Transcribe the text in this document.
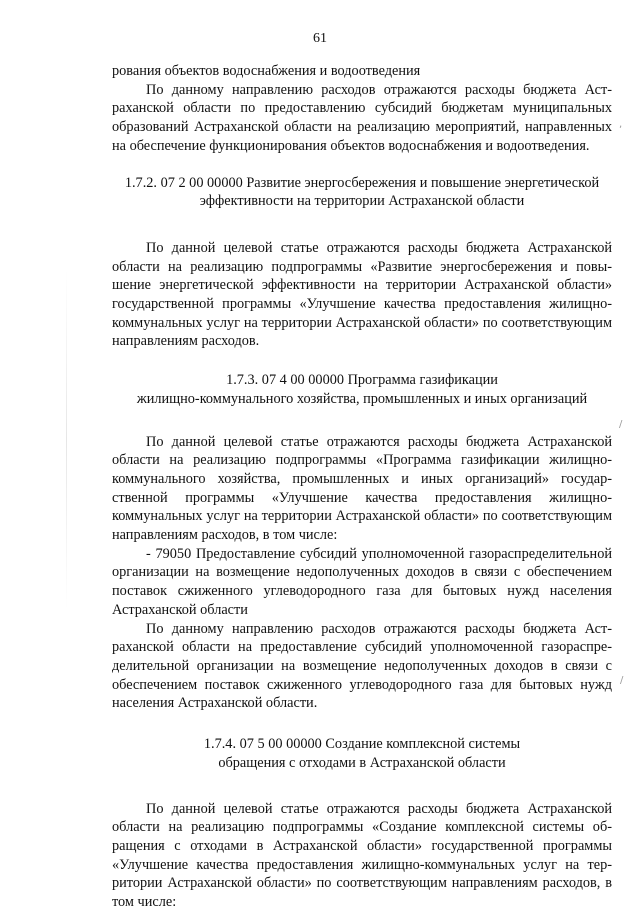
61

рования объектов водоснабжения и водоотведения

По данному направлению расходов отражаются расходы бюджета Астраханской области по предоставлению субсидий бюджетам муниципальных образований Астраханской области на реализацию мероприятий, направленных на обеспечение функционирования объектов водоснабжения и водоотведения.

1.7.2. 07 2 00 00000 Развитие энергосбережения и повышение энергетической
эффективности на территории Астраханской области

По данной целевой статье отражаются расходы бюджета Астраханской области на реализацию подпрограммы «Развитие энергосбережения и повышение энергетической эффективности на территории Астраханской области» государственной программы «Улучшение качества предоставления жилищно-коммунальных услуг на территории Астраханской области» по соответствующим направлениям расходов.

1.7.3. 07 4 00 00000 Программа газификации
жилищно-коммунального хозяйства, промышленных и иных организаций

По данной целевой статье отражаются расходы бюджета Астраханской области на реализацию подпрограммы «Программа газификации жилищно-коммунального хозяйства, промышленных и иных организаций» государственной программы «Улучшение качества предоставления жилищно-коммунальных услуг на территории Астраханской области» по соответствующим направлениям расходов, в том числе:

- 79050 Предоставление субсидий уполномоченной газораспределительной организации на возмещение недополученных доходов в связи с обеспечением поставок сжиженного углеводородного газа для бытовых нужд населения Астраханской области

По данному направлению расходов отражаются расходы бюджета Астраханской области на предоставление субсидий уполномоченной газораспределительной организации на возмещение недополученных доходов в связи с обеспечением поставок сжиженного углеводородного газа для бытовых нужд населения Астраханской области.

1.7.4. 07 5 00 00000 Создание комплексной системы
обращения с отходами в Астраханской области

По данной целевой статье отражаются расходы бюджета Астраханской области на реализацию подпрограммы «Создание комплексной системы обращения с отходами в Астраханской области» государственной программы «Улучшение качества предоставления жилищно-коммунальных услуг на территории Астраханской области» по соответствующим направлениям расходов, в том числе:

,
/
/
